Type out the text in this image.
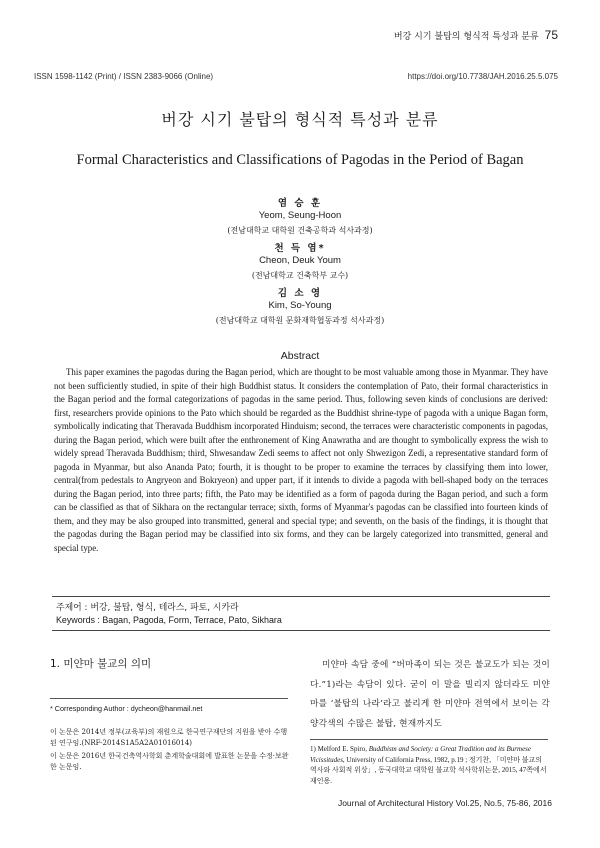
버강 시기 불탑의 형식적 특성과 분류 75
ISSN 1598-1142 (Print) / ISSN 2383-9066 (Online)	https://doi.org/10.7738/JAH.2016.25.5.075
버강 시기 불탑의 형식적 특성과 분류
Formal Characteristics and Classifications of Pagodas in the Period of Bagan
염 승 훈
Yeom, Seung-Hoon
(전남대학교 대학원 건축공학과 석사과정)
천 득 염*
Cheon, Deuk Youm
(전남대학교 건축학부 교수)
김 소 영
Kim, So-Young
(전남대학교 대학원 문화재학협동과정 석사과정)
Abstract

This paper examines the pagodas during the Bagan period, which are thought to be most valuable among those in Myanmar. They have not been sufficiently studied, in spite of their high Buddhist status. It considers the contemplation of Pato, their formal characteristics in the Bagan period and the formal categorizations of pagodas in the same period. Thus, following seven kinds of conclusions are derived: first, researchers provide opinions to the Pato which should be regarded as the Buddhist shrine-type of pagoda with a unique Bagan form, symbolically indicating that Theravada Buddhism incorporated Hinduism; second, the terraces were characteristic components in pagodas, during the Bagan period, which were built after the enthronement of King Anawratha and are thought to symbolically express the wish to widely spread Theravada Buddhism; third, Shwesandaw Zedi seems to affect not only Shwezigon Zedi, a representative standard form of pagoda in Myanmar, but also Ananda Pato; fourth, it is thought to be proper to examine the terraces by classifying them into lower, central(from pedestals to Angryeon and Bokryeon) and upper part, if it intends to divide a pagoda with bell-shaped body on the terraces during the Bagan period, into three parts; fifth, the Pato may be identified as a form of pagoda during the Bagan period, and such a form can be classified as that of Sikhara on the rectangular terrace; sixth, forms of Myanmar's pagodas can be classified into fourteen kinds of them, and they may be also grouped into transmitted, general and special type; and seventh, on the basis of the findings, it is thought that the pagodas during the Bagan period may be classified into six forms, and they can be largely categorized into transmitted, general and special type.

주제어 : 버강, 불탑, 형식, 테라스, 파토, 시카라
Keywords : Bagan, Pagoda, Form, Terrace, Pato, Sikhara
1. 미얀마 불교의 의미
* Corresponding Author : dycheon@hanmail.net

이 논문은 2014년 정부(교육부)의 재원으로 한국연구재단의 지원을 받아 수행된 연구임.(NRF-2014S1A5A2A01016014)

이 논문은 2016년 한국건축역사학회 춘계학술대회에 발표한 논문을 수정·보완한 논문임.

미얀마 속담 중에 “버마족이 되는 것은 불교도가 되는 것이다.”1)라는 속담이 있다. 굳이 이 말을 빌리지 않더라도 미얀마를 ‘불탑의 나라’라고 불리게 한 미얀마 전역에서 보이는 각양각색의 수많은 불탑, 현재까지도

1) Melford E. Spiro, Buddhism and Society: a Great Tradition and its Burmese Vicissitudes, University of California Press, 1982, p.19 ; 정기찬, 「미얀마 불교의 역사와 사회적 위상」, 동국대학교 대학원 불교학 석사학위논문, 2015, 47쪽에서 재인용.

Journal of Architectural History Vol.25, No.5, 75-86, 2016
